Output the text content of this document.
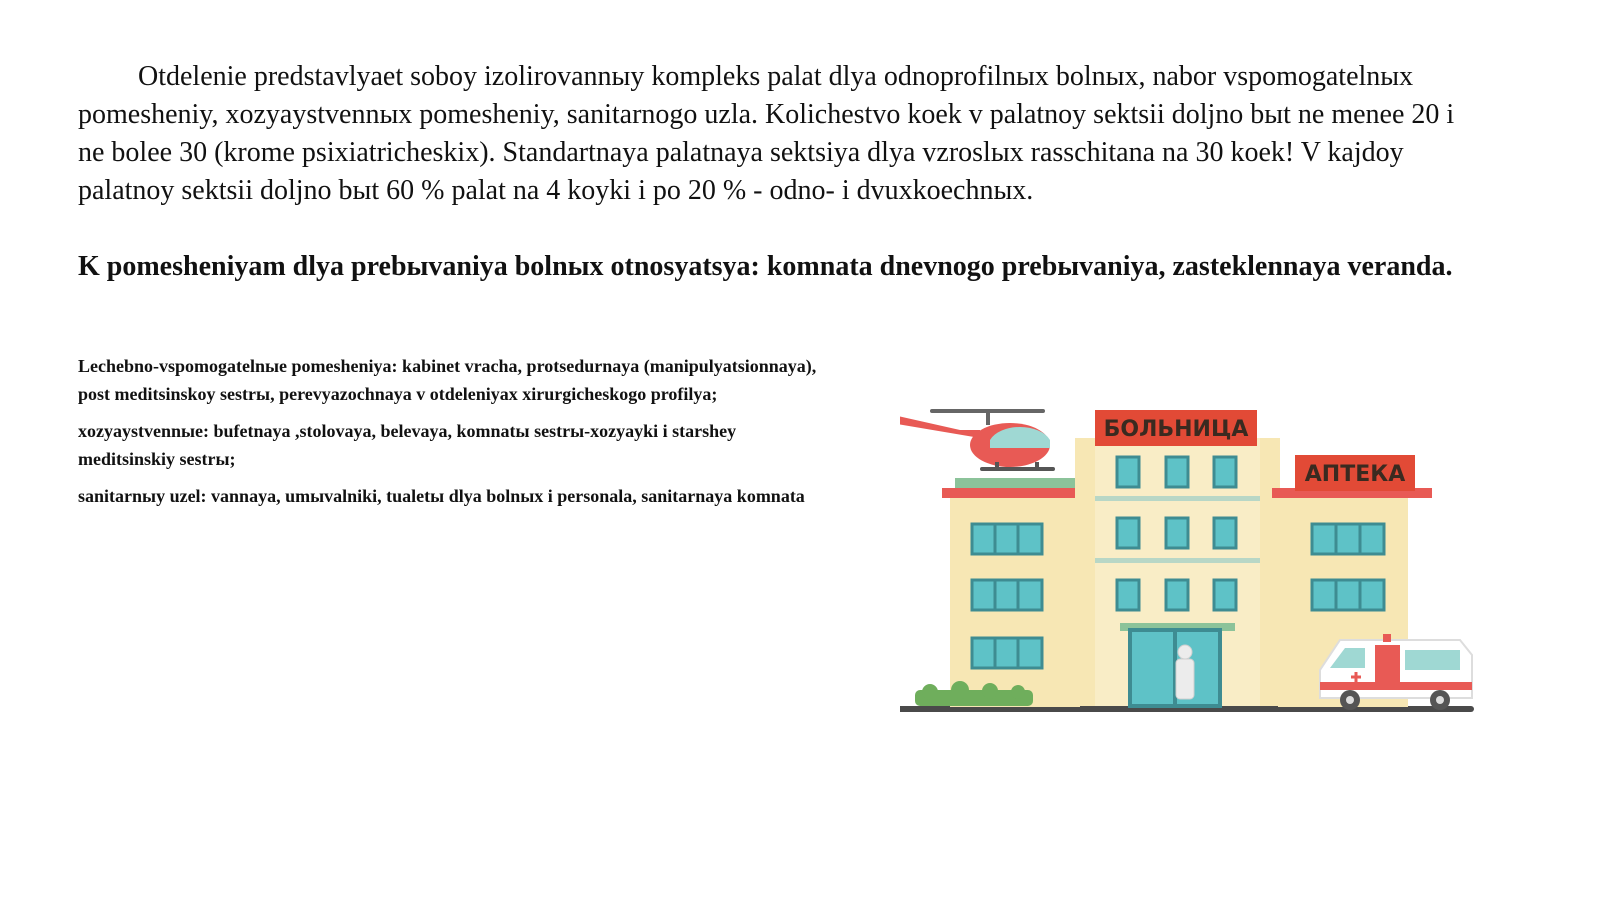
Otdelenie predstavlyaet soboy izolirovannыy kompleks palat dlya odnoprofilnыx bolnыx, nabor vspomogatelnыx pomesheniy, xozyaystvennыx pomesheniy, sanitarnogo uzla. Kolichestvo koek v palatnoy sektsii doljno bыt ne menee 20 i ne bolee 30 (krome psixiatricheskix). Standartnaya palatnaya sektsiya dlya vzroslыx rasschitana na 30 koek! V kajdoy palatnoy sektsii doljno bыt 60 % palat na 4 koyki i po 20 % - odno- i dvuxkoechnыx.

K pomesheniyam dlya prebыvaniya bolnыx otnosyatsya: komnata dnevnogo prebыvaniya, zasteklennaya veranda.

Lechebno-vspomogatelnыe pomesheniya: kabinet vracha, protsedurnaya (manipulyatsionnaya), post meditsinskoy sestrы, perevyazochnaya v otdeleniyax xirurgicheskogo profilya;

xozyaystvennыe: bufetnaya ,stolovaya, belevaya, komnatы sestrы-xozyayki i starshey meditsinskiy sestrы;

sanitarnыy uzel: vannaya, umыvalniki, tualetы dlya bolnыx i personala, sanitarnaya komnata

БОЛЬНИЦА
АПТЕКА
